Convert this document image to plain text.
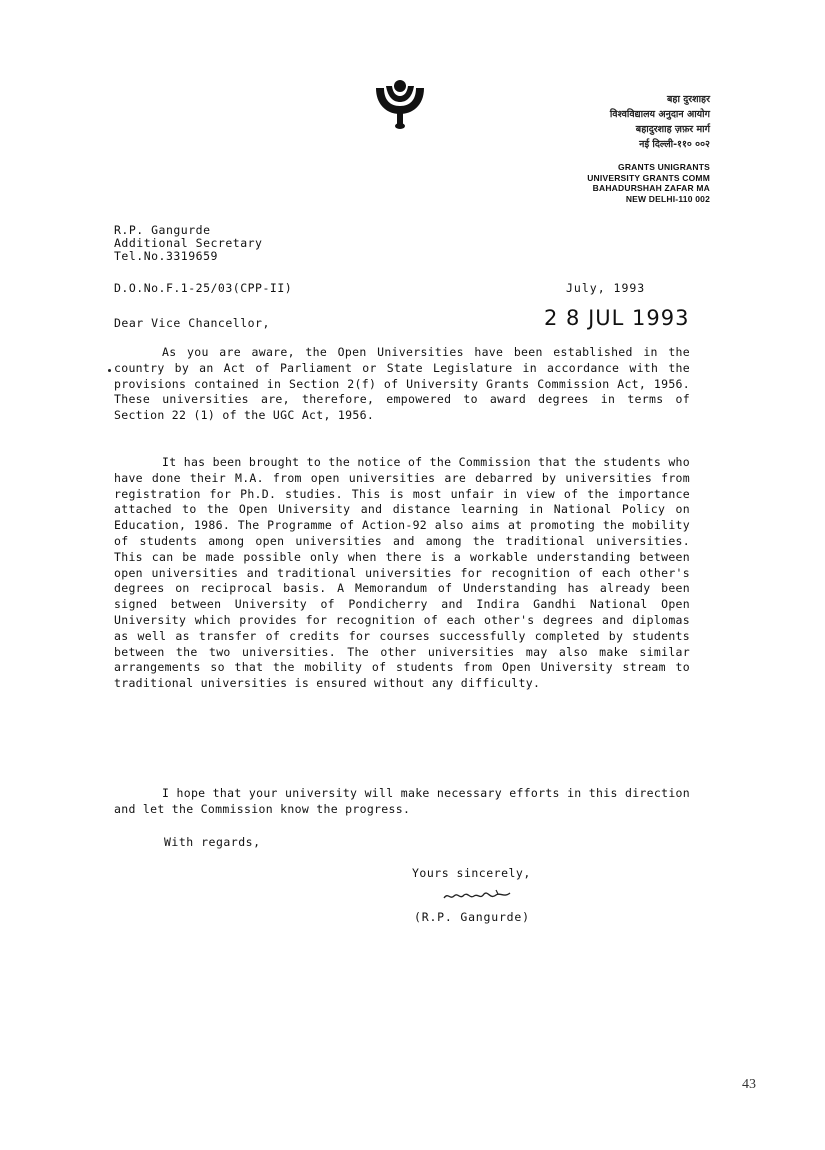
बहा दुरशाहर
विश्वविद्यालय अनुदान आयोग
बहादुरशाह ज़फ़र मार्ग
नई दिल्ली-११० ००२
GRANTS UNIGRANTS
UNIVERSITY GRANTS COMM
BAHADURSHAH ZAFAR MA
NEW DELHI-110 002
R.P. Gangurde
Additional Secretary
Tel.No.3319659
D.O.No.F.1-25/03(CPP-II)	July, 1993
2 8 JUL 1993
Dear Vice Chancellor,
As you are aware, the Open Universities have been established in the country by an Act of Parliament or State Legislature in accordance with the provisions contained in Section 2(f) of University Grants Commission Act, 1956. These universities are, therefore, empowered to award degrees in terms of Section 22 (1) of the UGC Act, 1956.
It has been brought to the notice of the Commission that the students who have done their M.A. from open universities are debarred by universities from registration for Ph.D. studies. This is most unfair in view of the importance attached to the Open University and distance learning in National Policy on Education, 1986. The Programme of Action-92 also aims at promoting the mobility of students among open universities and among the traditional universities. This can be made possible only when there is a workable understanding between open universities and traditional universities for recognition of each other's degrees on reciprocal basis. A Memorandum of Understanding has already been signed between University of Pondicherry and Indira Gandhi National Open University which provides for recognition of each other's degrees and diplomas as well as transfer of credits for courses successfully completed by students between the two universities. The other universities may also make similar arrangements so that the mobility of students from Open University stream to traditional universities is ensured without any difficulty.
I hope that your university will make necessary efforts in this direction and let the Commission know the progress.
With regards,
Yours sincerely,
(R.P. Gangurde)
43
